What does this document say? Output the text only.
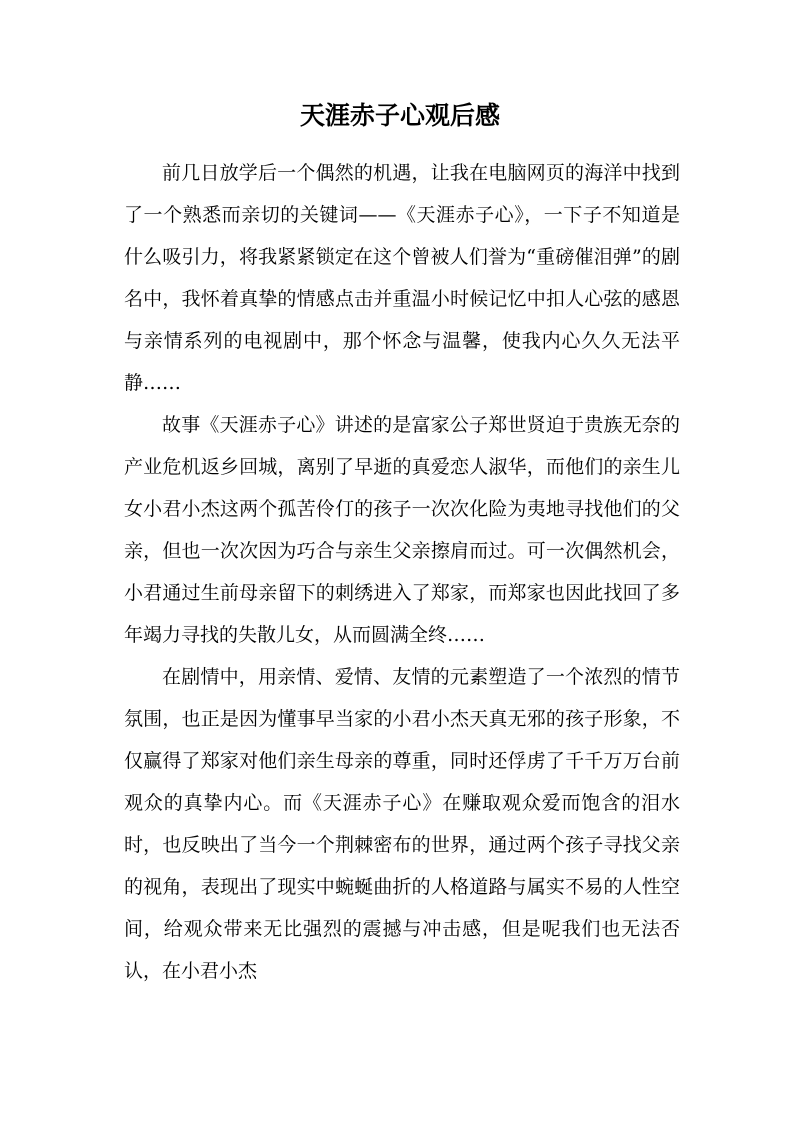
天涯赤子心观后感

前几日放学后一个偶然的机遇，让我在电脑网页的海洋中找到了一个熟悉而亲切的关键词——《天涯赤子心》，一下子不知道是什么吸引力，将我紧紧锁定在这个曾被人们誉为“重磅催泪弹”的剧名中，我怀着真挚的情感点击并重温小时候记忆中扣人心弦的感恩与亲情系列的电视剧中，那个怀念与温馨，使我内心久久无法平静……

故事《天涯赤子心》讲述的是富家公子郑世贤迫于贵族无奈的产业危机返乡回城，离别了早逝的真爱恋人淑华，而他们的亲生儿女小君小杰这两个孤苦伶仃的孩子一次次化险为夷地寻找他们的父亲，但也一次次因为巧合与亲生父亲擦肩而过。可一次偶然机会，小君通过生前母亲留下的刺绣进入了郑家，而郑家也因此找回了多年竭力寻找的失散儿女，从而圆满全终……

在剧情中，用亲情、爱情、友情的元素塑造了一个浓烈的情节氛围，也正是因为懂事早当家的小君小杰天真无邪的孩子形象，不仅赢得了郑家对他们亲生母亲的尊重，同时还俘虏了千千万万台前观众的真挚内心。而《天涯赤子心》在赚取观众爱而饱含的泪水时，也反映出了当今一个荆棘密布的世界，通过两个孩子寻找父亲的视角，表现出了现实中蜿蜒曲折的人格道路与属实不易的人性空间，给观众带来无比强烈的震撼与冲击感，但是呢我们也无法否认，在小君小杰
